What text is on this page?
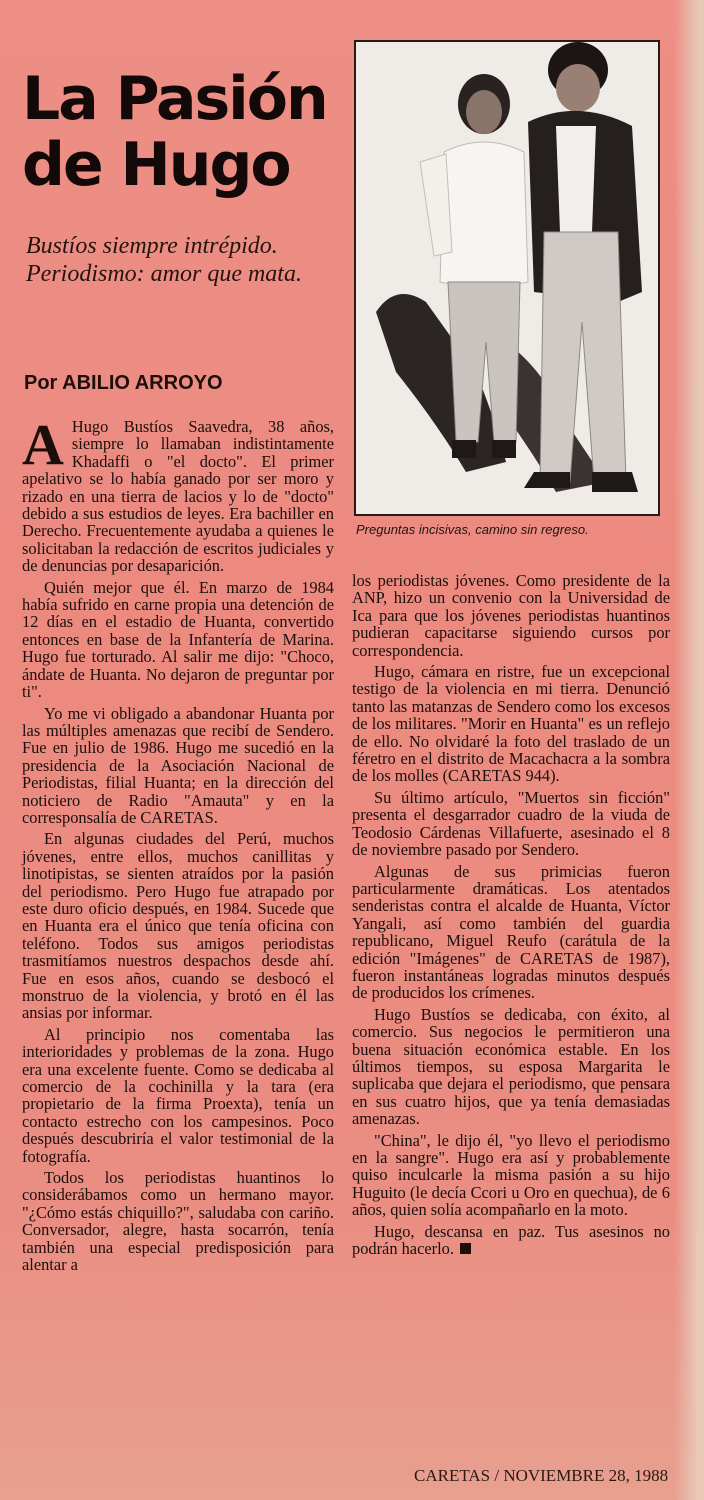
La Pasión
de Hugo
Bustíos siempre intrépido. Periodismo: amor que mata.
Por ABILIO ARROYO
Preguntas incisivas, camino sin regreso.

A Hugo Bustíos Saavedra, 38 años, siempre lo llamaban indistintamente Khadaffi o "el docto". El primer apelativo se lo había ganado por ser moro y rizado en una tierra de lacios y lo de "docto" debido a sus estudios de leyes. Era bachiller en Derecho. Frecuentemente ayudaba a quienes le solicitaban la redacción de escritos judiciales y de denuncias por desaparición.

Quién mejor que él. En marzo de 1984 había sufrido en carne propia una detención de 12 días en el estadio de Huanta, convertido entonces en base de la Infantería de Marina. Hugo fue torturado. Al salir me dijo: "Choco, ándate de Huanta. No dejaron de preguntar por ti".

Yo me vi obligado a abandonar Huanta por las múltiples amenazas que recibí de Sendero. Fue en julio de 1986. Hugo me sucedió en la presidencia de la Asociación Nacional de Periodistas, filial Huanta; en la dirección del noticiero de Radio "Amauta" y en la corresponsalía de CARETAS.

En algunas ciudades del Perú, muchos jóvenes, entre ellos, muchos canillitas y linotipistas, se sienten atraídos por la pasión del periodismo. Pero Hugo fue atrapado por este duro oficio después, en 1984. Sucede que en Huanta era el único que tenía oficina con teléfono. Todos sus amigos periodistas trasmitíamos nuestros despachos desde ahí. Fue en esos años, cuando se desbocó el monstruo de la violencia, y brotó en él las ansias por informar.

Al principio nos comentaba las interioridades y problemas de la zona. Hugo era una excelente fuente. Como se dedicaba al comercio de la cochinilla y la tara (era propietario de la firma Proexta), tenía un contacto estrecho con los campesinos. Poco después descubriría el valor testimonial de la fotografía.

Todos los periodistas huantinos lo considerábamos como un hermano mayor. "¿Cómo estás chiquillo?", saludaba con cariño. Conversador, alegre, hasta socarrón, tenía también una especial predisposición para alentar a

los periodistas jóvenes. Como presidente de la ANP, hizo un convenio con la Universidad de Ica para que los jóvenes periodistas huantinos pudieran capacitarse siguiendo cursos por correspondencia.

Hugo, cámara en ristre, fue un excepcional testigo de la violencia en mi tierra. Denunció tanto las matanzas de Sendero como los excesos de los militares. "Morir en Huanta" es un reflejo de ello. No olvidaré la foto del traslado de un féretro en el distrito de Macachacra a la sombra de los molles (CARETAS 944).

Su último artículo, "Muertos sin ficción" presenta el desgarrador cuadro de la viuda de Teodosio Cárdenas Villafuerte, asesinado el 8 de noviembre pasado por Sendero.

Algunas de sus primicias fueron particularmente dramáticas. Los atentados senderistas contra el alcalde de Huanta, Víctor Yangali, así como también del guardia republicano, Miguel Reufo (carátula de la edición "Imágenes" de CARETAS de 1987), fueron instantáneas logradas minutos después de producidos los crímenes.

Hugo Bustíos se dedicaba, con éxito, al comercio. Sus negocios le permitieron una buena situación económica estable. En los últimos tiempos, su esposa Margarita le suplicaba que dejara el periodismo, que pensara en sus cuatro hijos, que ya tenía demasiadas amenazas.

"China", le dijo él, "yo llevo el periodismo en la sangre". Hugo era así y probablemente quiso inculcarle la misma pasión a su hijo Huguito (le decía Ccori u Oro en quechua), de 6 años, quien solía acompañarlo en la moto.

Hugo, descansa en paz. Tus asesinos no podrán hacerlo.

CARETAS / NOVIEMBRE 28, 1988
